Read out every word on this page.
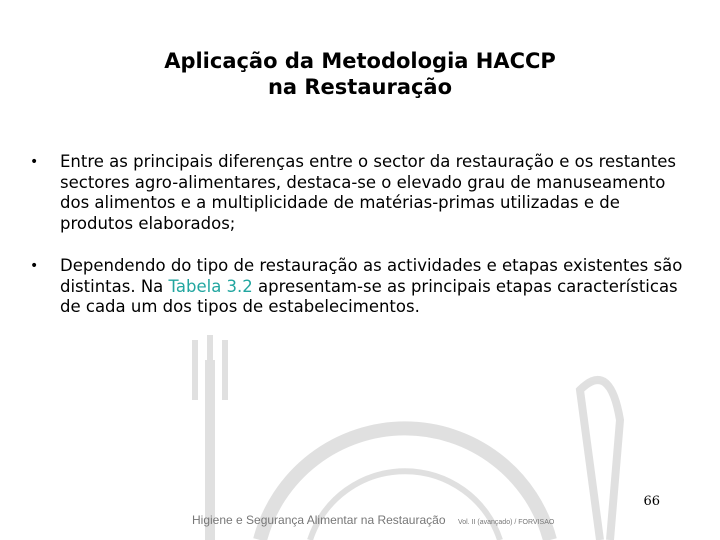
Aplicação da Metodologia HACCP
na Restauração
• Entre as principais diferenças entre o sector da restauração e os restantes sectores agro-alimentares, destaca-se o elevado grau de manuseamento dos alimentos e a multiplicidade de matérias-primas utilizadas e de produtos elaborados;
• Dependendo do tipo de restauração as actividades e etapas existentes são distintas. Na Tabela 3.2 apresentam-se as principais etapas características de cada um dos tipos de estabelecimentos.
66
Higiene e Segurança Alimentar na Restauração Vol. II (avançado) / FORVISAO
